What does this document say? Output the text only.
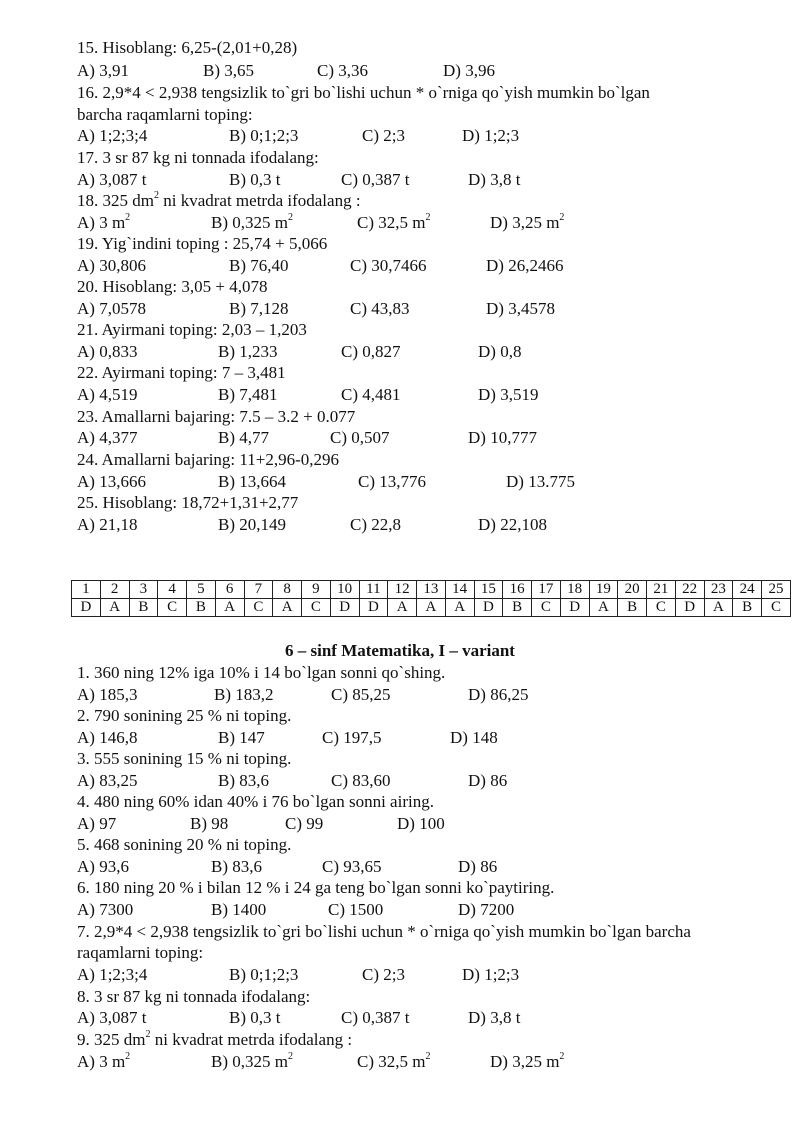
15. Hisoblang: 6,25-(2,01+0,28)
A) 3,91	B) 3,65	C) 3,36	D) 3,96
16. 2,9*4 < 2,938 tengsizlik to`gri bo`lishi uchun * o`rniga qo`yish mumkin bo`lgan
barcha raqamlarni toping:
A) 1;2;3;4	B) 0;1;2;3	C) 2;3	D) 1;2;3
17. 3 sr 87 kg ni tonnada ifodalang:
A) 3,087 t	B) 0,3 t	C) 0,387 t	D) 3,8 t
18. 325 $dm^2$ ni kvadrat metrda ifodalang :
A) 3 $m^2$	B) 0,325 $m^2$	C) 32,5 $m^2$	D) 3,25 $m^2$
19. Yig`indini toping : 25,74 + 5,066
A) 30,806	B) 76,40	C) 30,7466	D) 26,2466
20. Hisoblang: 3,05 + 4,078
A) 7,0578	B) 7,128	C) 43,83	D) 3,4578
21. Ayirmani toping: 2,03 – 1,203
A) 0,833	B) 1,233	C) 0,827	D) 0,8
22. Ayirmani toping: 7 – 3,481
A) 4,519	B) 7,481	C) 4,481	D) 3,519
23. Amallarni bajaring: 7.5 – 3.2 + 0.077
A) 4,377	B) 4,77	C) 0,507	D) 10,777
24. Amallarni bajaring: 11+2,96-0,296
A) 13,666	B) 13,664	C) 13,776	D) 13.775
25. Hisoblang: 18,72+1,31+2,77
A) 21,18	B) 20,149	C) 22,8	D) 22,108
1	2	3	4	5	6	7	8	9	10	11	12	13	14	15	16	17	18	19	20	21	22	23	24	25
D	A	B	C	B	A	C	A	C	D	D	A	A	A	D	B	C	D	A	B	C	D	A	B	C
6 – sinf Matematika, I – variant
1. 360 ning 12% iga 10% i 14 bo`lgan sonni qo`shing.
A) 185,3	B) 183,2	C) 85,25	D) 86,25
2. 790 sonining 25 % ni toping.
A) 146,8	B) 147	C) 197,5	D) 148
3. 555 sonining 15 % ni toping.
A) 83,25	B) 83,6	C) 83,60	D) 86
4. 480 ning 60% idan 40% i 76 bo`lgan sonni airing.
A) 97	B) 98	C) 99	D) 100
5. 468 sonining 20 % ni toping.
A) 93,6	B) 83,6	C) 93,65	D) 86
6. 180 ning 20 % i bilan 12 % i 24 ga teng bo`lgan sonni ko`paytiring.
A) 7300	B) 1400	C) 1500	D) 7200
7. 2,9*4 < 2,938 tengsizlik to`gri bo`lishi uchun * o`rniga qo`yish mumkin bo`lgan barcha
raqamlarni toping:
A) 1;2;3;4	B) 0;1;2;3	C) 2;3	D) 1;2;3
8. 3 sr 87 kg ni tonnada ifodalang:
A) 3,087 t	B) 0,3 t	C) 0,387 t	D) 3,8 t
9. 325 $dm^2$ ni kvadrat metrda ifodalang :
A) 3 $m^2$	B) 0,325 $m^2$	C) 32,5 $m^2$	D) 3,25 $m^2$
